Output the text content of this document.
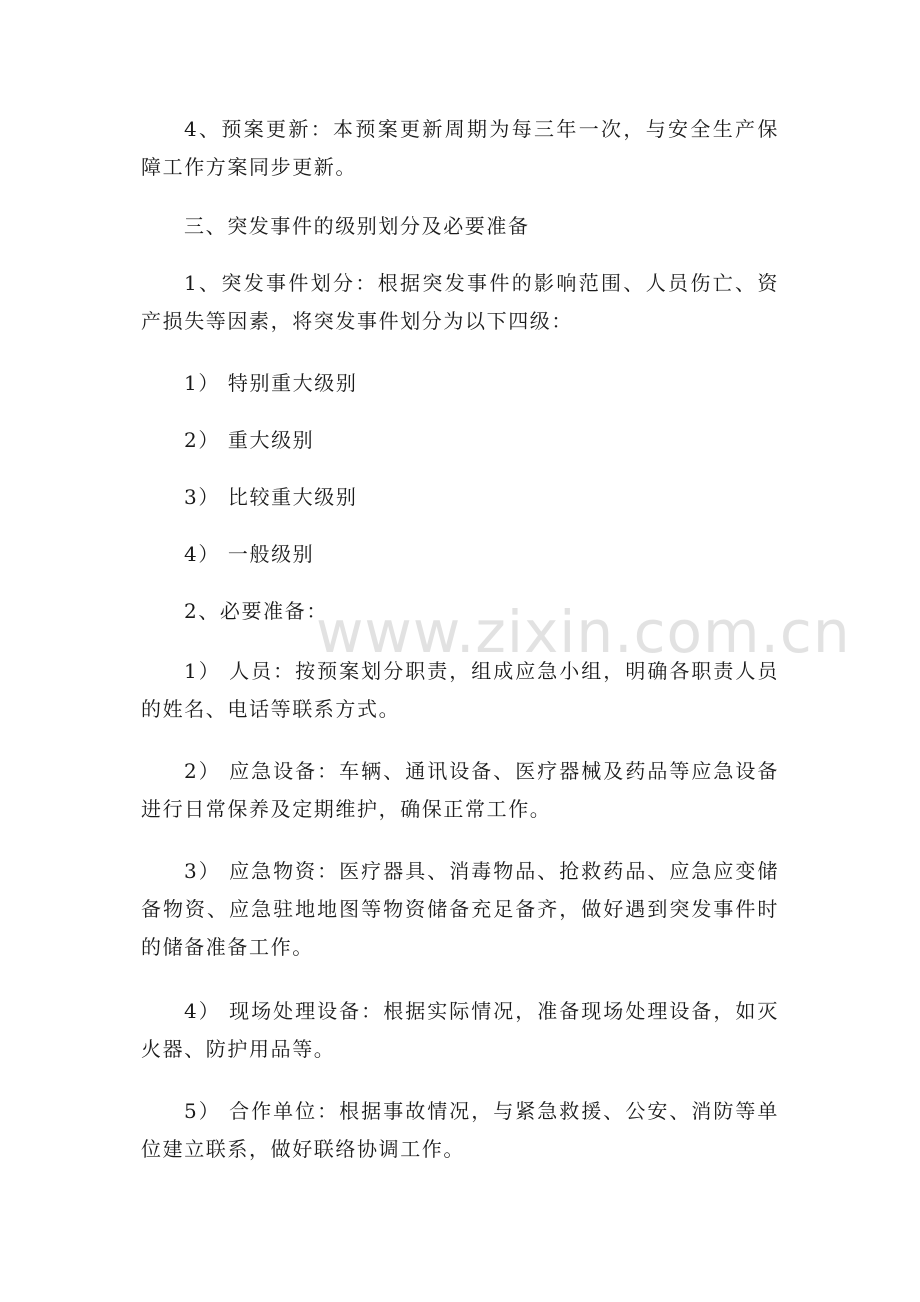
4、预案更新：本预案更新周期为每三年一次，与安全生产保障工作方案同步更新。

三、突发事件的级别划分及必要准备

1、突发事件划分：根据突发事件的影响范围、人员伤亡、资产损失等因素，将突发事件划分为以下四级：

1） 特别重大级别

2） 重大级别

3） 比较重大级别

4） 一般级别

2、必要准备：

1） 人员：按预案划分职责，组成应急小组，明确各职责人员的姓名、电话等联系方式。

2） 应急设备：车辆、通讯设备、医疗器械及药品等应急设备进行日常保养及定期维护，确保正常工作。

3） 应急物资：医疗器具、消毒物品、抢救药品、应急应变储备物资、应急驻地地图等物资储备充足备齐，做好遇到突发事件时的储备准备工作。

4） 现场处理设备：根据实际情况，准备现场处理设备，如灭火器、防护用品等。

5） 合作单位：根据事故情况，与紧急救援、公安、消防等单位建立联系，做好联络协调工作。

www.zixin.com.cn
